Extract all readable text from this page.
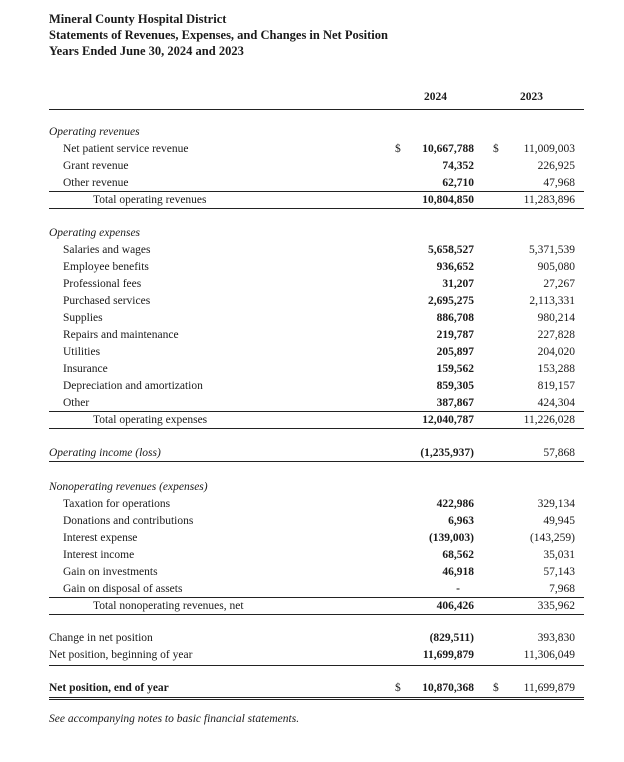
Mineral County Hospital District
Statements of Revenues, Expenses, and Changes in Net Position
Years Ended June 30, 2024 and 2023
2024	2023
Operating revenues
Net patient service revenue	$ 10,667,788 $ 11,009,003
Grant revenue	74,352	226,925
Other revenue	62,710	47,968
Total operating revenues	10,804,850	11,283,896
Operating expenses
Salaries and wages	5,658,527	5,371,539
Employee benefits	936,652	905,080
Professional fees	31,207	27,267
Purchased services	2,695,275	2,113,331
Supplies	886,708	980,214
Repairs and maintenance	219,787	227,828
Utilities	205,897	204,020
Insurance	159,562	153,288
Depreciation and amortization	859,305	819,157
Other	387,867	424,304
Total operating expenses	12,040,787	11,226,028
Operating income (loss)	(1,235,937)	57,868
Nonoperating revenues (expenses)
Taxation for operations	422,986	329,134
Donations and contributions	6,963	49,945
Interest expense	(139,003)	(143,259)
Interest income	68,562	35,031
Gain on investments	46,918	57,143
Gain on disposal of assets	-	7,968
Total nonoperating revenues, net	406,426	335,962
Change in net position	(829,511)	393,830
Net position, beginning of year	11,699,879	11,306,049
Net position, end of year	$ 10,870,368 $ 11,699,879
See accompanying notes to basic financial statements.
